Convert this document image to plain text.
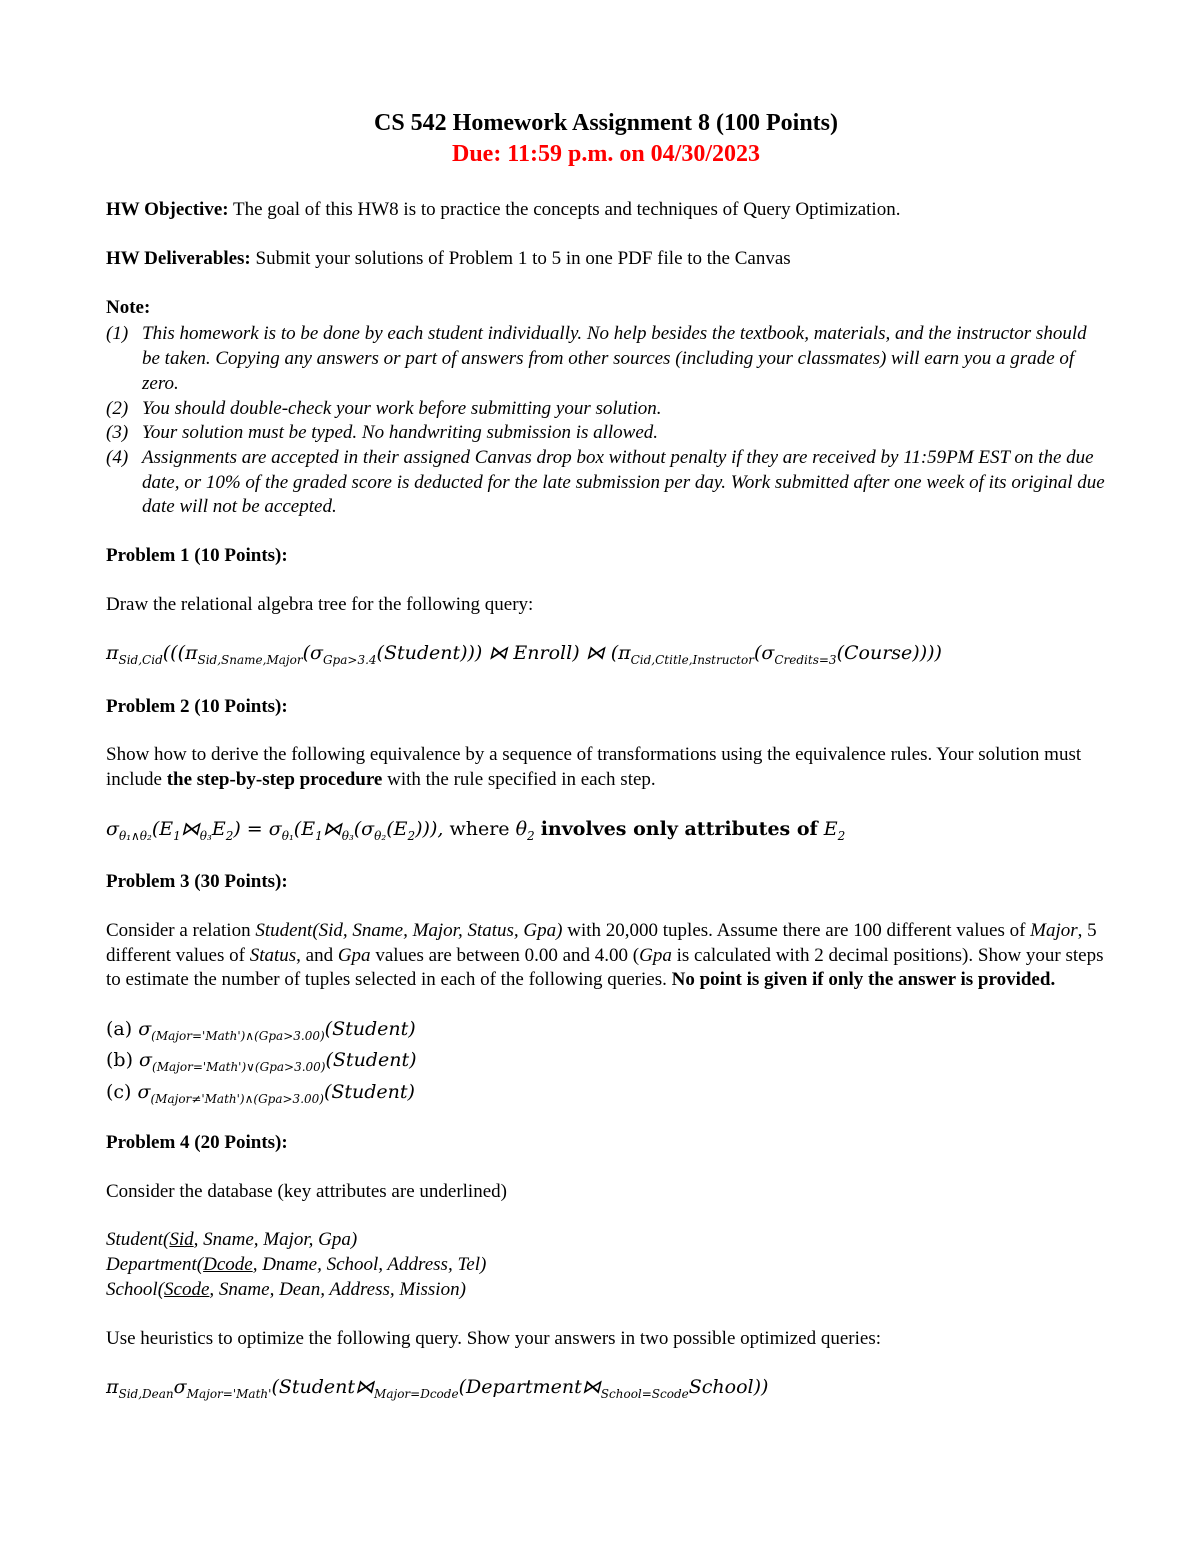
CS 542 Homework Assignment 8 (100 Points)

Due: 11:59 p.m. on 04/30/2023

HW Objective: The goal of this HW8 is to practice the concepts and techniques of Query Optimization.

HW Deliverables: Submit your solutions of Problem 1 to 5 in one PDF file to the Canvas

Note:

(1) This homework is to be done by each student individually. No help besides the textbook, materials, and the instructor should be taken. Copying any answers or part of answers from other sources (including your classmates) will earn you a grade of zero.
(2) You should double-check your work before submitting your solution.
(3) Your solution must be typed. No handwriting submission is allowed.
(4) Assignments are accepted in their assigned Canvas drop box without penalty if they are received by 11:59PM EST on the due date, or 10% of the graded score is deducted for the late submission per day. Work submitted after one week of its original due date will not be accepted.

Problem 1 (10 Points):

Draw the relational algebra tree for the following query:

$\pi_{Sid,Cid}(((\pi_{Sid,Sname,Major}(\sigma_{Gpa>3.4}(Student)))$ ⋈ Enroll) ⋈ $(\pi_{Cid,Ctitle,Instructor}(\sigma_{Credits=3}(Course)))$)

Problem 2 (10 Points):

Show how to derive the following equivalence by a sequence of transformations using the equivalence rules. Your solution must include the step-by-step procedure with the rule specified in each step.

$\sigma_{\theta_1\wedge\theta_2}(E_1⋈_{\theta_3}E_2)$ = $\sigma_{\theta_1}(E_1⋈_{\theta_3}(\sigma_{\theta_2}(E_2)))$, where $\theta_2$ involves only attributes of $E_2$

Problem 3 (30 Points):

Consider a relation Student(Sid, Sname, Major, Status, Gpa) with 20,000 tuples. Assume there are 100 different values of Major, 5 different values of Status, and Gpa values are between 0.00 and 4.00 (Gpa is calculated with 2 decimal positions). Show your steps to estimate the number of tuples selected in each of the following queries. No point is given if only the answer is provided.

(a) $\sigma_{(Major='Math')\wedge(Gpa>3.00)}(Student)$
(b) $\sigma_{(Major='Math')\vee(Gpa>3.00)}(Student)$
(c) $\sigma_{(Major\ne'Math')\wedge(Gpa>3.00)}(Student)$

Problem 4 (20 Points):

Consider the database (key attributes are underlined)

Student(Sid, Sname, Major, Gpa)
Department(Dcode, Dname, School, Address, Tel)
School(Scode, Sname, Dean, Address, Mission)

Use heuristics to optimize the following query. Show your answers in two possible optimized queries:

$\pi_{Sid,Dean}\sigma_{Major='Math'}(Student⋈_{Major=Dcode}(Department⋈_{School=Scode}School))$
